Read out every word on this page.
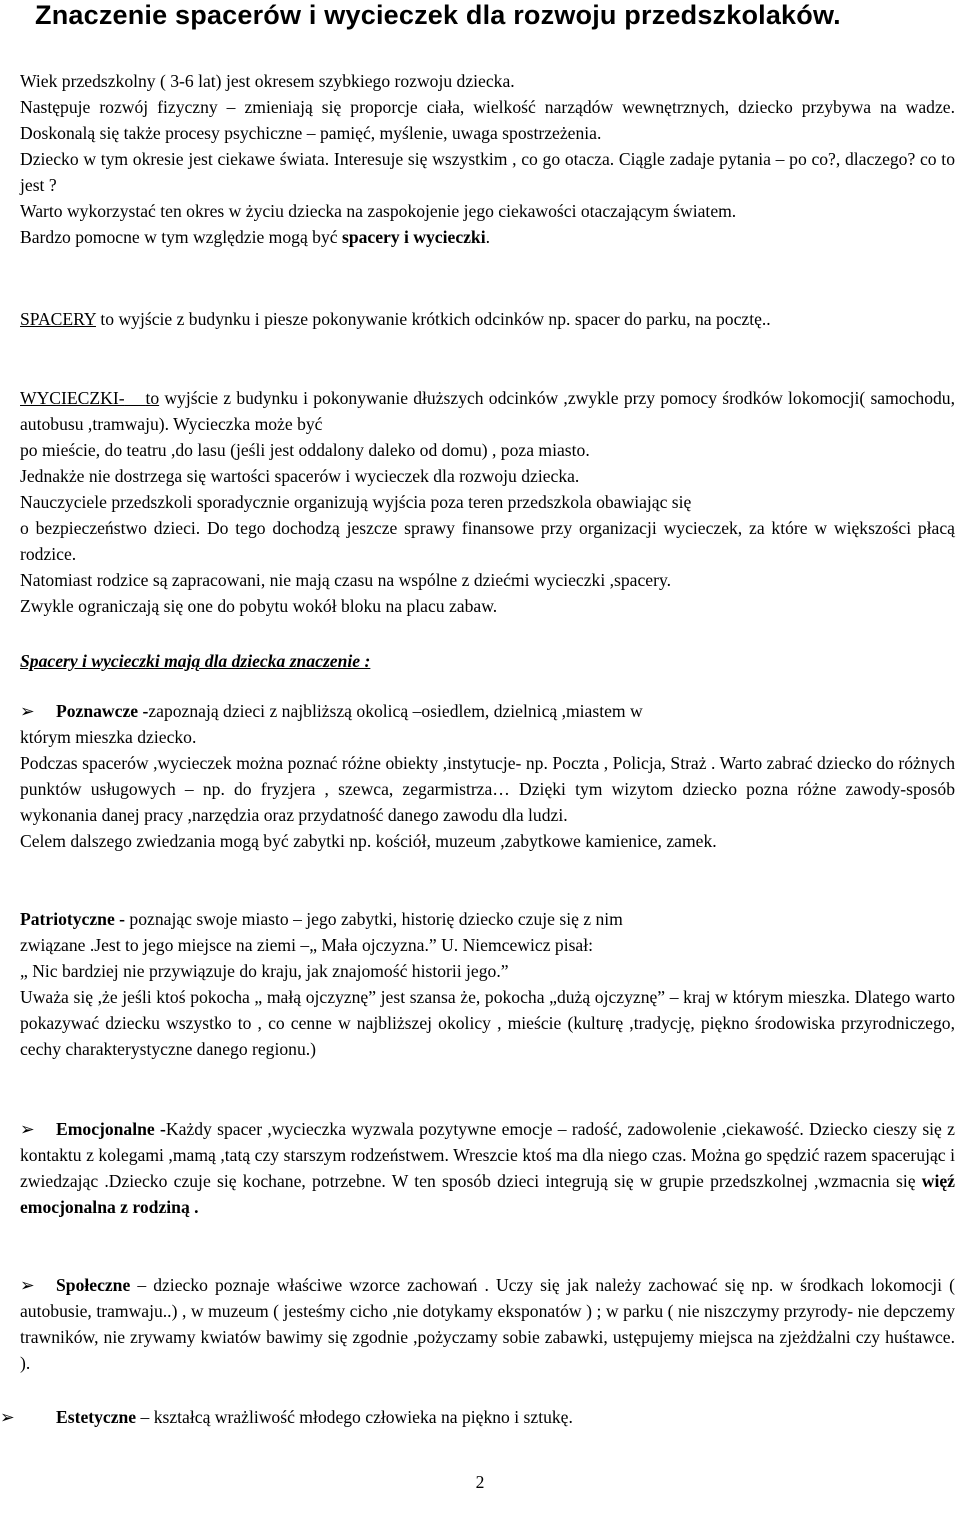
Znaczenie spacerów i wycieczek dla rozwoju przedszkolaków.

Wiek przedszkolny ( 3-6 lat) jest okresem szybkiego rozwoju dziecka.

Następuje rozwój fizyczny – zmieniają się proporcje ciała, wielkość narządów wewnętrznych, dziecko przybywa na wadze. Doskonalą się także procesy psychiczne – pamięć, myślenie, uwaga spostrzeżenia.

Dziecko w tym okresie jest ciekawe świata. Interesuje się wszystkim , co go otacza. Ciągle zadaje pytania – po co?, dlaczego? co to jest ?

Warto wykorzystać ten okres w życiu dziecka na zaspokojenie jego ciekawości otaczającym światem.

Bardzo pomocne w tym względzie mogą być spacery i wycieczki.

SPACERY to wyjście z budynku i piesze pokonywanie krótkich odcinków np. spacer do parku, na pocztę..

WYCIECZKI- to wyjście z budynku i pokonywanie dłuższych odcinków ,zwykle przy pomocy środków lokomocji( samochodu, autobusu ,tramwaju). Wycieczka może być

po mieście, do teatru ,do lasu (jeśli jest oddalony daleko od domu) , poza miasto.

Jednakże nie dostrzega się wartości spacerów i wycieczek dla rozwoju dziecka.

Nauczyciele przedszkoli sporadycznie organizują wyjścia poza teren przedszkola obawiając się

o bezpieczeństwo dzieci. Do tego dochodzą jeszcze sprawy finansowe przy organizacji wycieczek, za które w większości płacą rodzice.

Natomiast rodzice są zapracowani, nie mają czasu na wspólne z dziećmi wycieczki ,spacery.

Zwykle ograniczają się one do pobytu wokół bloku na placu zabaw.

Spacery i wycieczki mają dla dziecka znaczenie :

➢ Poznawcze -zapoznają dzieci z najbliższą okolicą –osiedlem, dzielnicą ,miastem w

którym mieszka dziecko.

Podczas spacerów ,wycieczek można poznać różne obiekty ,instytucje- np. Poczta , Policja, Straż . Warto zabrać dziecko do różnych punktów usługowych – np. do fryzjera , szewca, zegarmistrza… Dzięki tym wizytom dziecko pozna różne zawody-sposób wykonania danej pracy ,narzędzia oraz przydatność danego zawodu dla ludzi.

Celem dalszego zwiedzania mogą być zabytki np. kościół, muzeum ,zabytkowe kamienice, zamek.

Patriotyczne - poznając swoje miasto – jego zabytki, historię dziecko czuje się z nim

związane .Jest to jego miejsce na ziemi –„ Mała ojczyzna.” U. Niemcewicz pisał:

„ Nic bardziej nie przywiązuje do kraju, jak znajomość historii jego.”

Uważa się ,że jeśli ktoś pokocha „ małą ojczyznę” jest szansa że, pokocha „dużą ojczyznę” – kraj w którym mieszka. Dlatego warto pokazywać dziecku wszystko to , co cenne w najbliższej okolicy , mieście (kulturę ,tradycję, piękno środowiska przyrodniczego, cechy charakterystyczne danego regionu.)

➢ Emocjonalne -Każdy spacer ,wycieczka wyzwala pozytywne emocje – radość, zadowolenie ,ciekawość. Dziecko cieszy się z kontaktu z kolegami ,mamą ,tatą czy starszym rodzeństwem. Wreszcie ktoś ma dla niego czas. Można go spędzić razem spacerując i zwiedzając .Dziecko czuje się kochane, potrzebne. W ten sposób dzieci integrują się w grupie przedszkolnej ,wzmacnia się więź emocjonalna z rodziną .

➢ Społeczne – dziecko poznaje właściwe wzorce zachowań . Uczy się jak należy zachować się np. w środkach lokomocji ( autobusie, tramwaju..) , w muzeum ( jesteśmy cicho ,nie dotykamy eksponatów ) ; w parku ( nie niszczymy przyrody- nie depczemy trawników, nie zrywamy kwiatów bawimy się zgodnie ,pożyczamy sobie zabawki, ustępujemy miejsca na zjeżdżalni czy huśtawce. ).

➢ Estetyczne – kształcą wrażliwość młodego człowieka na piękno i sztukę.

2
